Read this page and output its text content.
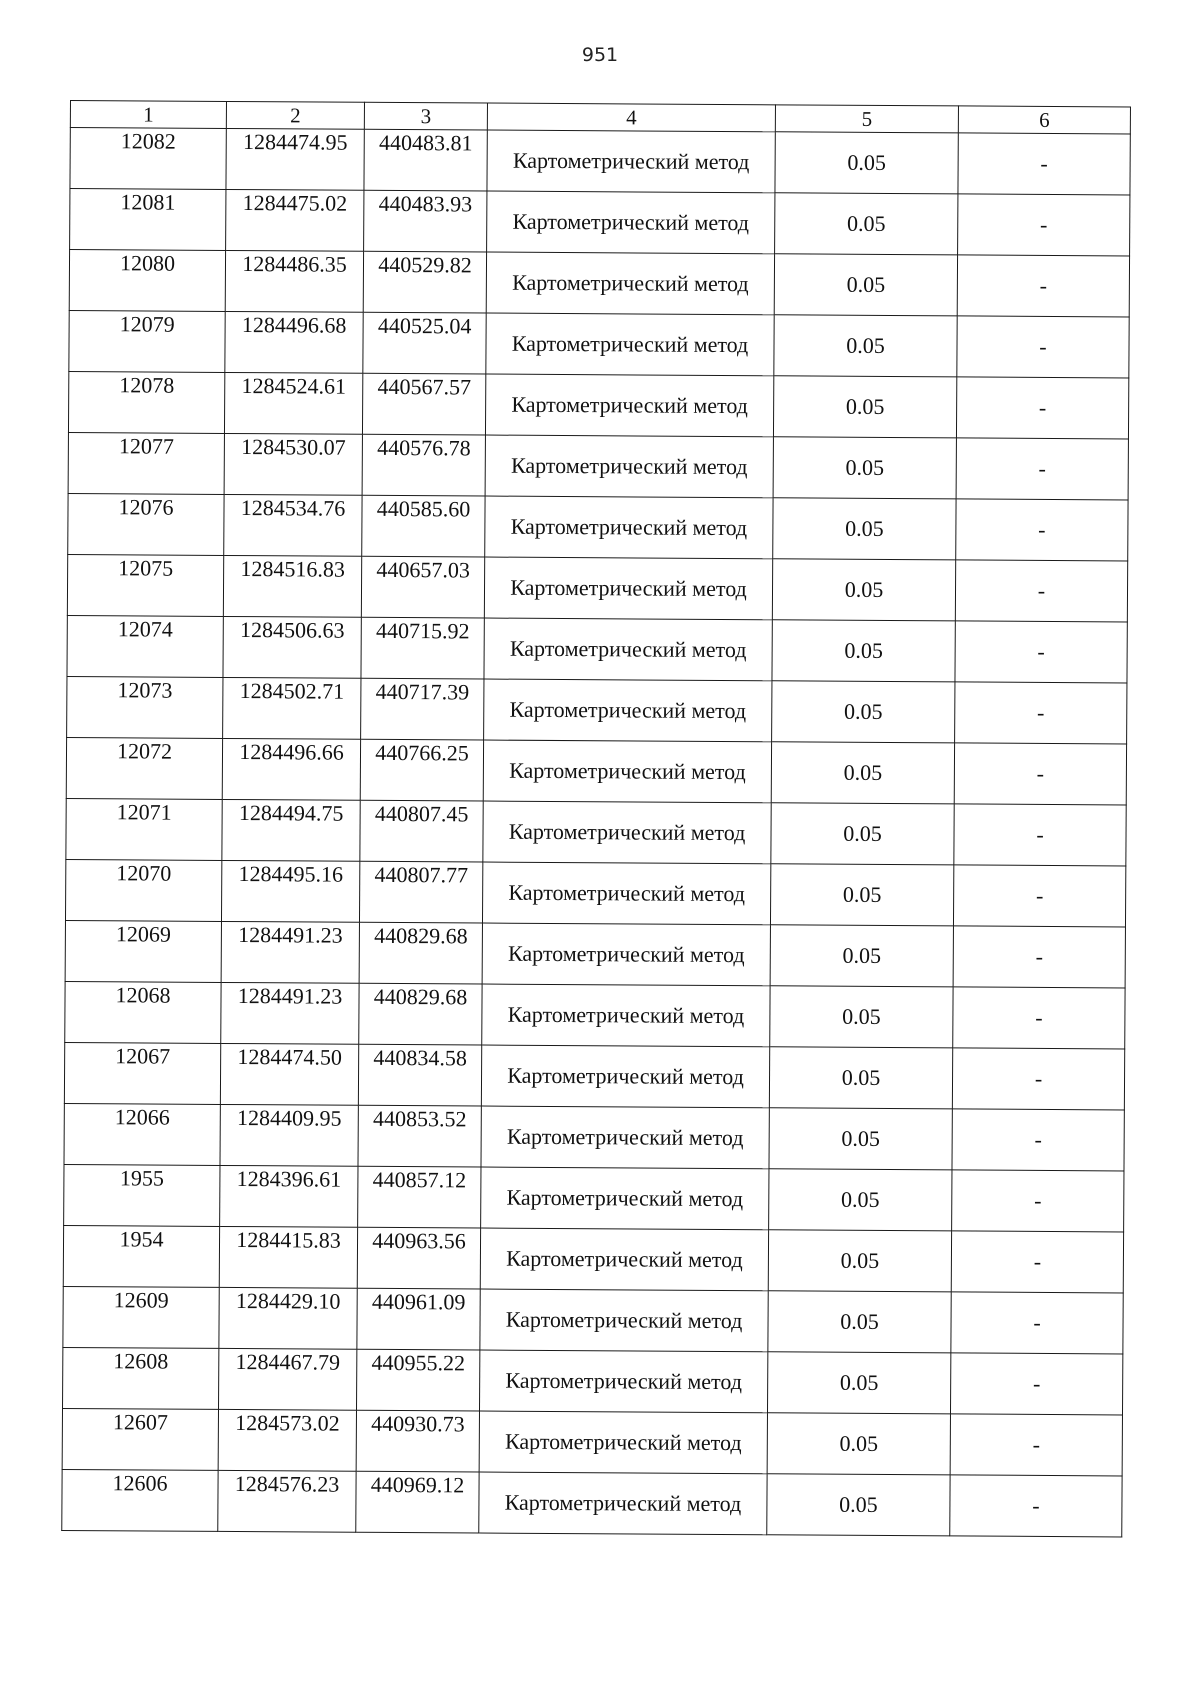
951
1	2	3	4	5	6
12082	1284474.95	440483.81	Картометрический метод	0.05	-
12081	1284475.02	440483.93	Картометрический метод	0.05	-
12080	1284486.35	440529.82	Картометрический метод	0.05	-
12079	1284496.68	440525.04	Картометрический метод	0.05	-
12078	1284524.61	440567.57	Картометрический метод	0.05	-
12077	1284530.07	440576.78	Картометрический метод	0.05	-
12076	1284534.76	440585.60	Картометрический метод	0.05	-
12075	1284516.83	440657.03	Картометрический метод	0.05	-
12074	1284506.63	440715.92	Картометрический метод	0.05	-
12073	1284502.71	440717.39	Картометрический метод	0.05	-
12072	1284496.66	440766.25	Картометрический метод	0.05	-
12071	1284494.75	440807.45	Картометрический метод	0.05	-
12070	1284495.16	440807.77	Картометрический метод	0.05	-
12069	1284491.23	440829.68	Картометрический метод	0.05	-
12068	1284491.23	440829.68	Картометрический метод	0.05	-
12067	1284474.50	440834.58	Картометрический метод	0.05	-
12066	1284409.95	440853.52	Картометрический метод	0.05	-
1955	1284396.61	440857.12	Картометрический метод	0.05	-
1954	1284415.83	440963.56	Картометрический метод	0.05	-
12609	1284429.10	440961.09	Картометрический метод	0.05	-
12608	1284467.79	440955.22	Картометрический метод	0.05	-
12607	1284573.02	440930.73	Картометрический метод	0.05	-
12606	1284576.23	440969.12	Картометрический метод	0.05	-
